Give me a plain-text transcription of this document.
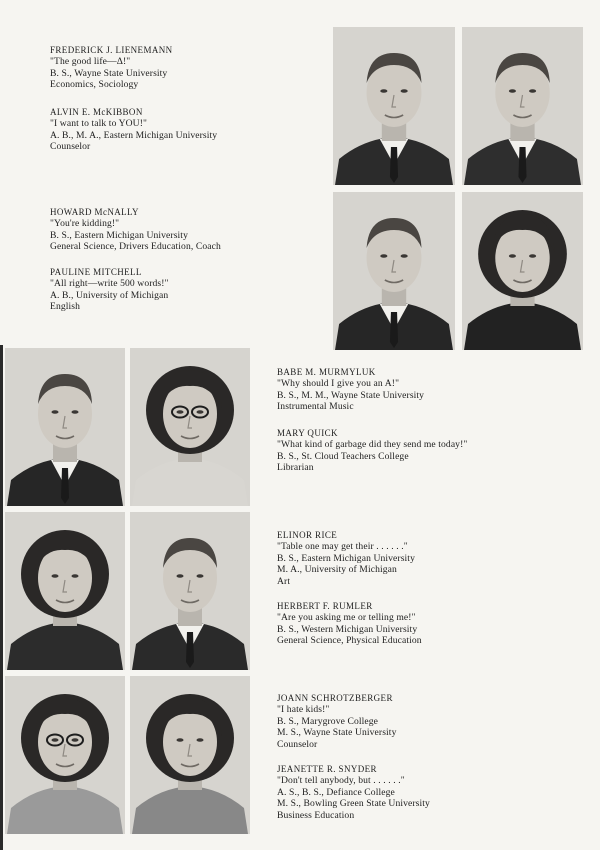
FREDERICK J. LIENEMANN
"The good life—Δ!"
B. S., Wayne State University
Economics, Sociology
ALVIN E. McKIBBON
"I want to talk to YOU!"
A. B., M. A., Eastern Michigan University
Counselor
HOWARD McNALLY
"You're kidding!"
B. S., Eastern Michigan University
General Science, Drivers Education, Coach
PAULINE MITCHELL
"All right—write 500 words!"
A. B., University of Michigan
English
BABE M. MURMYLUK
"Why should I give you an A!"
B. S., M. M., Wayne State University
Instrumental Music
MARY QUICK
"What kind of garbage did they send me today!"
B. S., St. Cloud Teachers College
Librarian
ELINOR RICE
"Table one may get their . . . . . ."
B. S., Eastern Michigan University
M. A., University of Michigan
Art
HERBERT F. RUMLER
"Are you asking me or telling me!"
B. S., Western Michigan University
General Science, Physical Education
JOANN SCHROTZBERGER
"I hate kids!"
B. S., Marygrove College
M. S., Wayne State University
Counselor
JEANETTE R. SNYDER
"Don't tell anybody, but . . . . . ."
A. S., B. S., Defiance College
M. S., Bowling Green State University
Business Education
